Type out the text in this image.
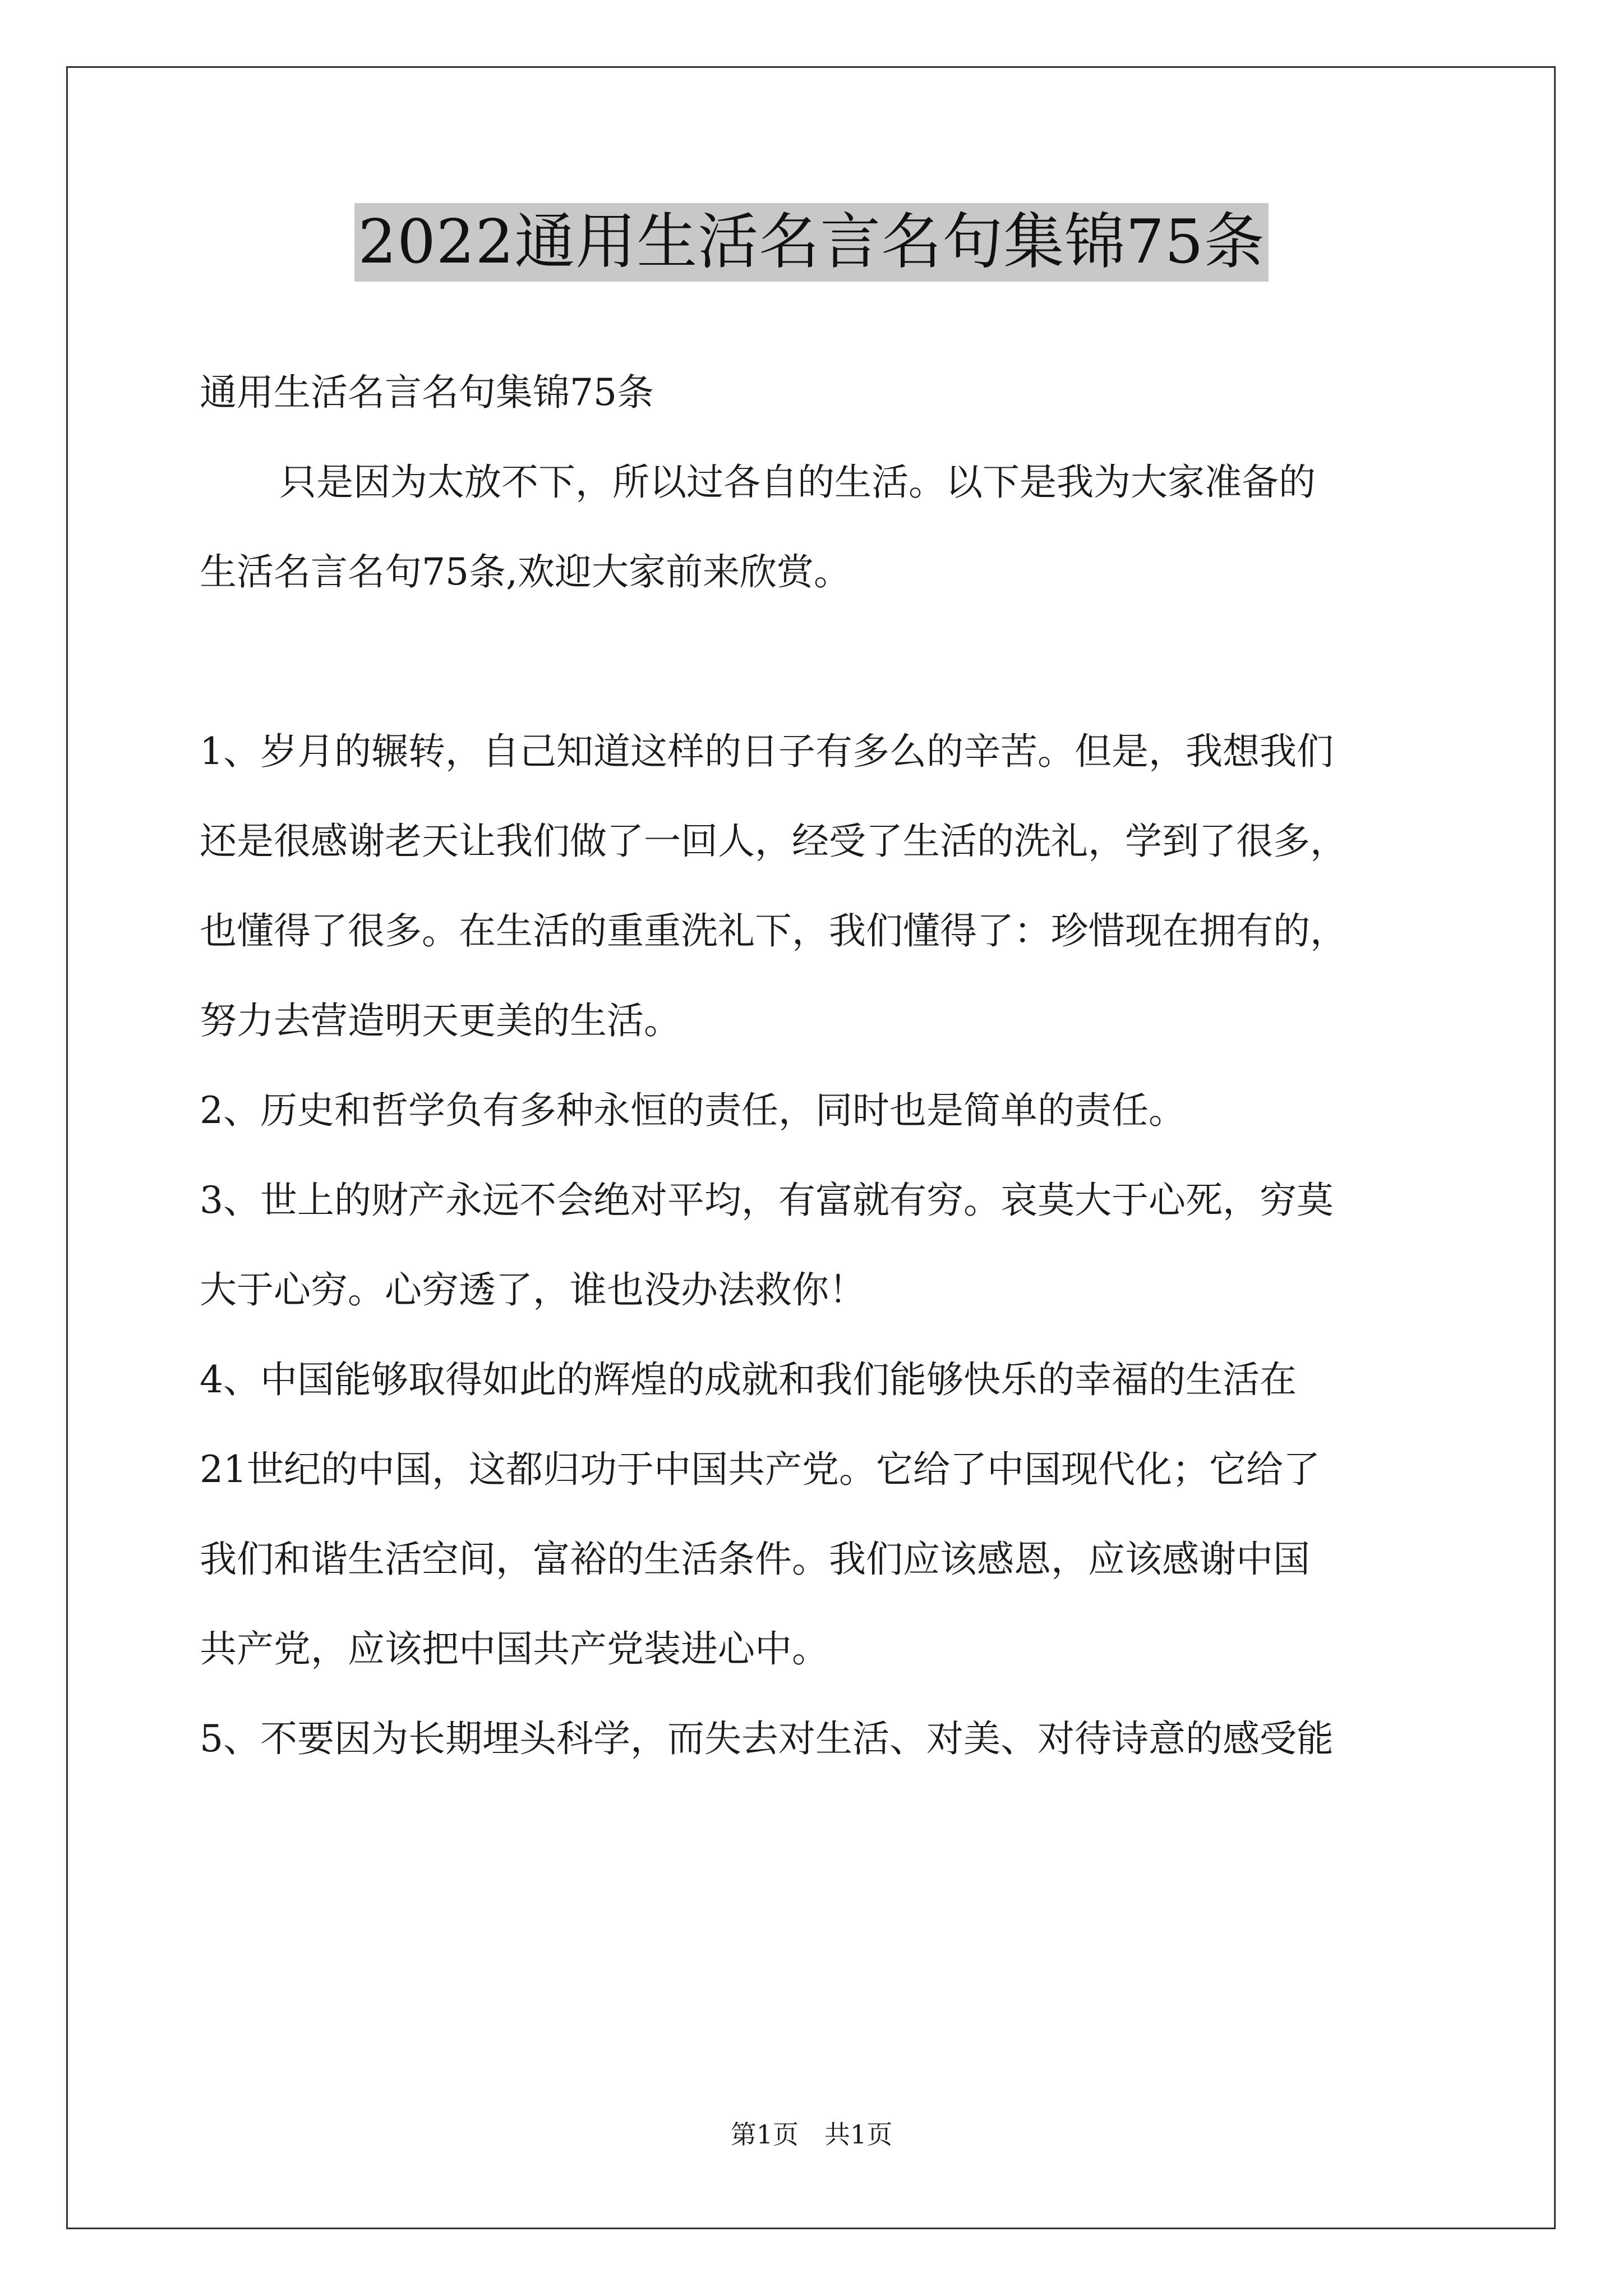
2022通用生活名言名句集锦75条

通用生活名言名句集锦75条

只是因为太放不下，所以过各自的生活。以下是我为大家准备的

生活名言名句75条,欢迎大家前来欣赏。

1、岁月的辗转，自己知道这样的日子有多么的辛苦。但是，我想我们

还是很感谢老天让我们做了一回人，经受了生活的洗礼，学到了很多，

也懂得了很多。在生活的重重洗礼下，我们懂得了：珍惜现在拥有的，

努力去营造明天更美的生活。

2、历史和哲学负有多种永恒的责任，同时也是简单的责任。

3、世上的财产永远不会绝对平均，有富就有穷。哀莫大于心死，穷莫

大于心穷。心穷透了，谁也没办法救你！

4、中国能够取得如此的辉煌的成就和我们能够快乐的幸福的生活在

21世纪的中国，这都归功于中国共产党。它给了中国现代化；它给了

我们和谐生活空间，富裕的生活条件。我们应该感恩，应该感谢中国

共产党，应该把中国共产党装进心中。

5、不要因为长期埋头科学，而失去对生活、对美、对待诗意的感受能

第1页　共1页
